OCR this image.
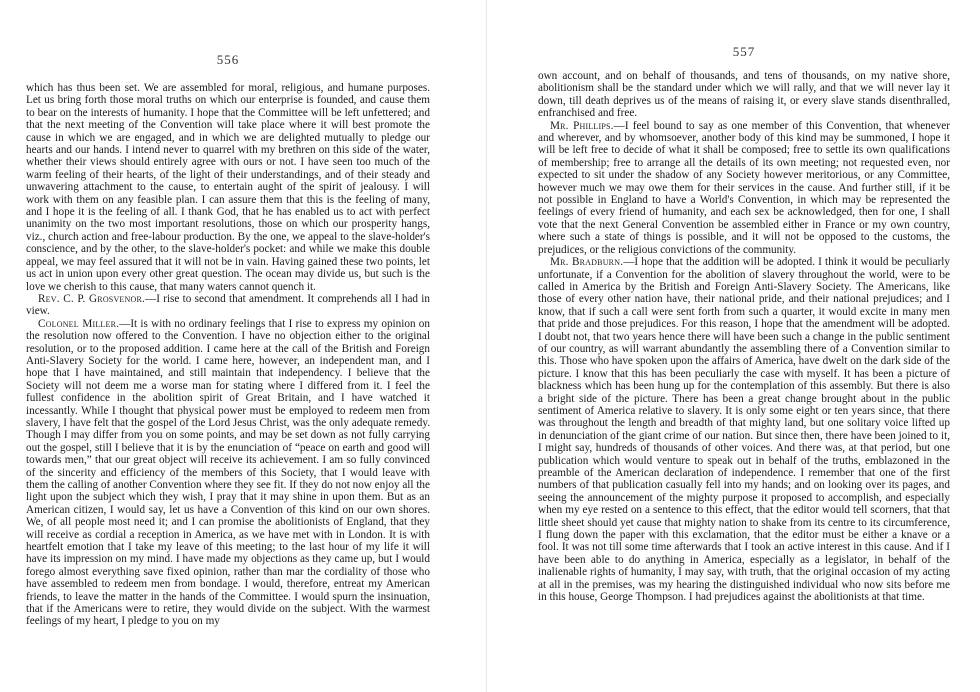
556

which has thus been set. We are assembled for moral, religious, and humane purposes. Let us bring forth those moral truths on which our enterprise is founded, and cause them to bear on the interests of humanity. I hope that the Committee will be left unfettered; and that the next meeting of the Convention will take place where it will best promote the cause in which we are engaged, and in which we are delighted mutually to pledge our hearts and our hands. I intend never to quarrel with my brethren on this side of the water, whether their views should entirely agree with ours or not. I have seen too much of the warm feeling of their hearts, of the light of their understandings, and of their steady and unwavering attachment to the cause, to entertain aught of the spirit of jealousy. I will work with them on any feasible plan. I can assure them that this is the feeling of many, and I hope it is the feeling of all. I thank God, that he has enabled us to act with perfect unanimity on the two most important resolutions, those on which our prosperity hangs, viz., church action and free-labour production. By the one, we appeal to the slave-holder's conscience, and by the other, to the slave-holder's pocket: and while we make this double appeal, we may feel assured that it will not be in vain. Having gained these two points, let us act in union upon every other great question. The ocean may divide us, but such is the love we cherish to this cause, that many waters cannot quench it.

Rev. C. P. Grosvenor.—I rise to second that amendment. It comprehends all I had in view.

Colonel Miller.—It is with no ordinary feelings that I rise to express my opinion on the resolution now offered to the Convention. I have no objection either to the original resolution, or to the proposed addition. I came here at the call of the British and Foreign Anti-Slavery Society for the world. I came here, however, an independent man, and I hope that I have maintained, and still maintain that independency. I believe that the Society will not deem me a worse man for stating where I differed from it. I feel the fullest confidence in the abolition spirit of Great Britain, and I have watched it incessantly. While I thought that physical power must be employed to redeem men from slavery, I have felt that the gospel of the Lord Jesus Christ, was the only adequate remedy. Though I may differ from you on some points, and may be set down as not fully carrying out the gospel, still I believe that it is by the enunciation of “peace on earth and good will towards men,” that our great object will receive its achievement. I am so fully convinced of the sincerity and efficiency of the members of this Society, that I would leave with them the calling of another Convention where they see fit. If they do not now enjoy all the light upon the subject which they wish, I pray that it may shine in upon them. But as an American citizen, I would say, let us have a Convention of this kind on our own shores. We, of all people most need it; and I can promise the abolitionists of England, that they will receive as cordial a reception in America, as we have met with in London. It is with heartfelt emotion that I take my leave of this meeting; to the last hour of my life it will have its impression on my mind. I have made my objections as they came up, but I would forego almost everything save fixed opinion, rather than mar the cordiality of those who have assembled to redeem men from bondage. I would, therefore, entreat my American friends, to leave the matter in the hands of the Committee. I would spurn the insinuation, that if the Americans were to retire, they would divide on the subject. With the warmest feelings of my heart, I pledge to you on my

557

own account, and on behalf of thousands, and tens of thousands, on my native shore, abolitionism shall be the standard under which we will rally, and that we will never lay it down, till death deprives us of the means of raising it, or every slave stands disenthralled, enfranchised and free.

Mr. Phillips.—I feel bound to say as one member of this Convention, that whenever and wherever, and by whomsoever, another body of this kind may be summoned, I hope it will be left free to decide of what it shall be composed; free to settle its own qualifications of membership; free to arrange all the details of its own meeting; not requested even, nor expected to sit under the shadow of any Society however meritorious, or any Committee, however much we may owe them for their services in the cause. And further still, if it be not possible in England to have a World's Convention, in which may be represented the feelings of every friend of humanity, and each sex be acknowledged, then for one, I shall vote that the next General Convention be assembled either in France or my own country, where such a state of things is possible, and it will not be opposed to the customs, the prejudices, or the religious convictions of the community.

Mr. Bradburn.—I hope that the addition will be adopted. I think it would be peculiarly unfortunate, if a Convention for the abolition of slavery throughout the world, were to be called in America by the British and Foreign Anti-Slavery Society. The Americans, like those of every other nation have, their national pride, and their national prejudices; and I know, that if such a call were sent forth from such a quarter, it would excite in many men that pride and those prejudices. For this reason, I hope that the amendment will be adopted. I doubt not, that two years hence there will have been such a change in the public sentiment of our country, as will warrant abundantly the assembling there of a Convention similar to this. Those who have spoken upon the affairs of America, have dwelt on the dark side of the picture. I know that this has been peculiarly the case with myself. It has been a picture of blackness which has been hung up for the contemplation of this assembly. But there is also a bright side of the picture. There has been a great change brought about in the public sentiment of America relative to slavery. It is only some eight or ten years since, that there was throughout the length and breadth of that mighty land, but one solitary voice lifted up in denunciation of the giant crime of our nation. But since then, there have been joined to it, I might say, hundreds of thousands of other voices. And there was, at that period, but one publication which would venture to speak out in behalf of the truths, emblazoned in the preamble of the American declaration of independence. I remember that one of the first numbers of that publication casually fell into my hands; and on looking over its pages, and seeing the announcement of the mighty purpose it proposed to accomplish, and especially when my eye rested on a sentence to this effect, that the editor would tell scorners, that that little sheet should yet cause that mighty nation to shake from its centre to its circumference, I flung down the paper with this exclamation, that the editor must be either a knave or a fool. It was not till some time afterwards that I took an active interest in this cause. And if I have been able to do anything in America, especially as a legislator, in behalf of the inalienable rights of humanity, I may say, with truth, that the original occasion of my acting at all in the premises, was my hearing the distinguished individual who now sits before me in this house, George Thompson. I had prejudices against the abolitionists at that time.
